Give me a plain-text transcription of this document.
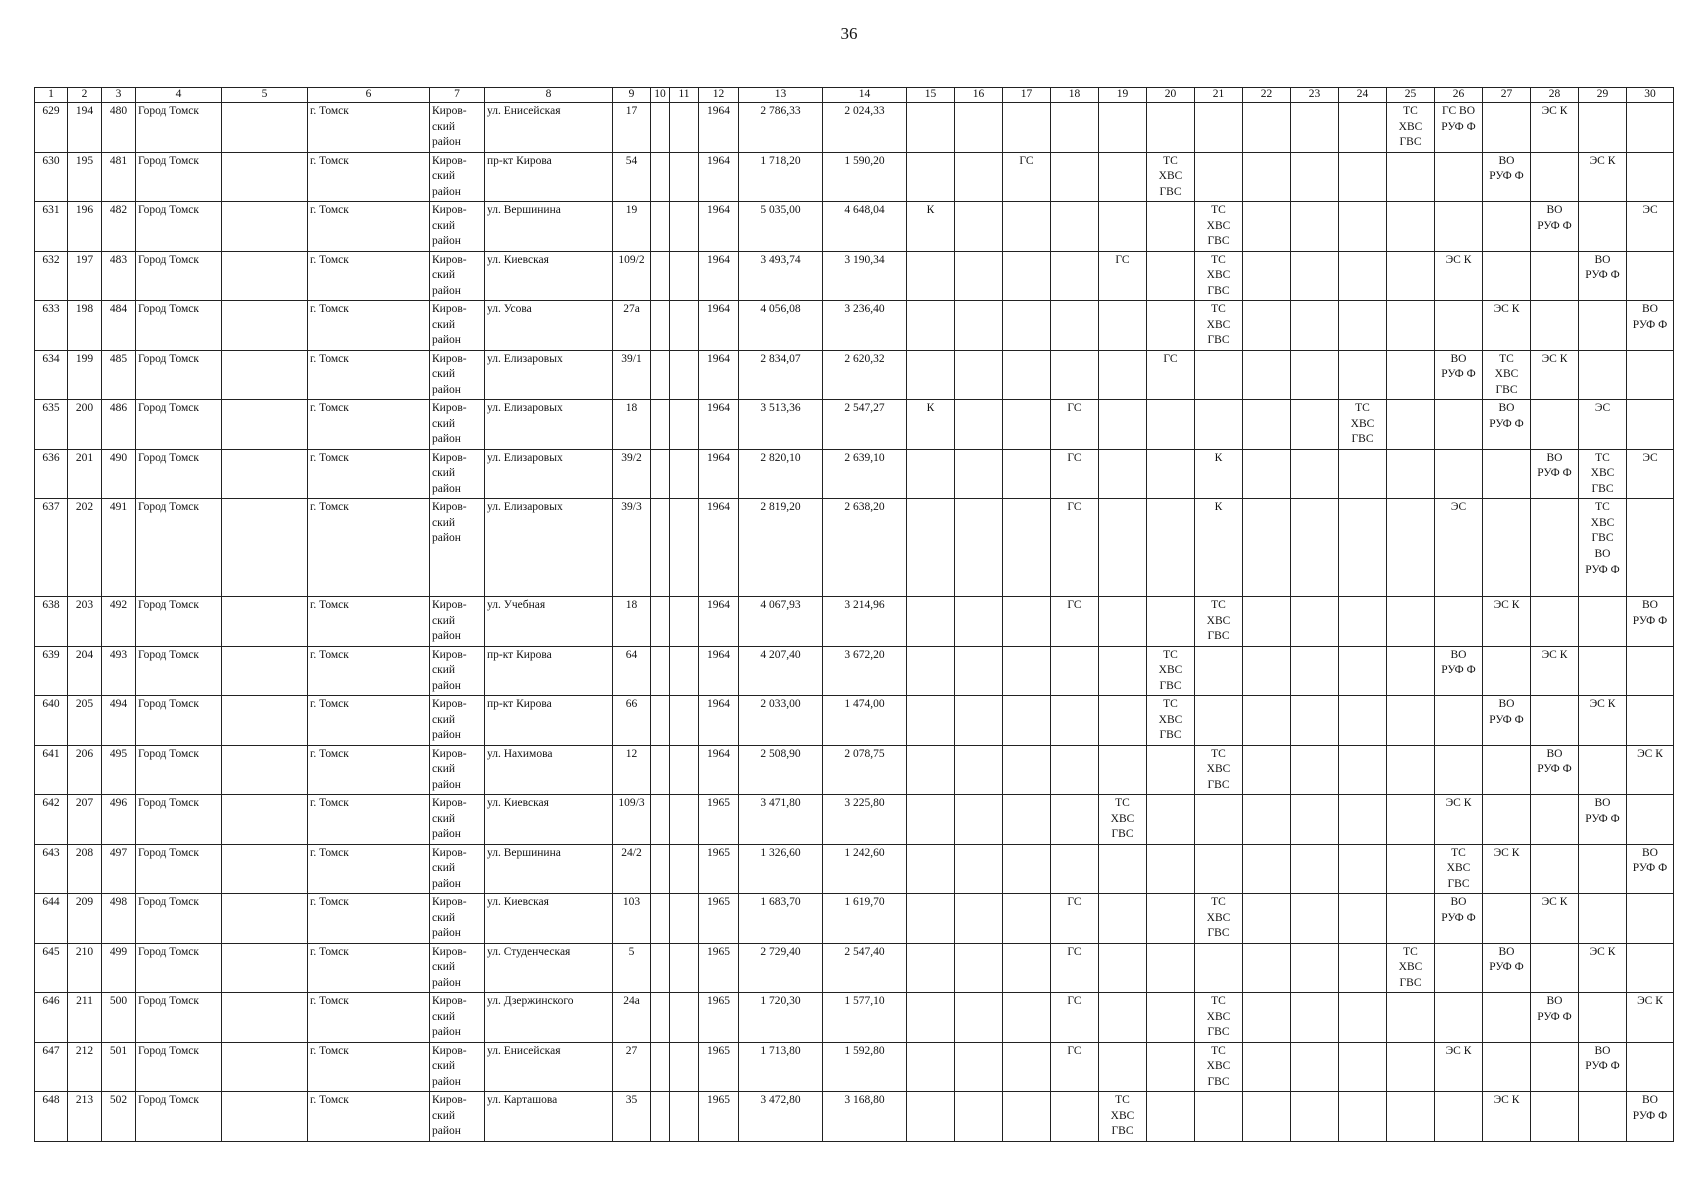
36
1	2	3	4	5	6	7	8	9	10	11	12	13	14	15	16	17	18	19	20	21	22	23	24	25	26	27	28	29	30
629	194	480	Город Томск		г. Томск	Киров-
ский
район	ул. Енисейская	17			1964	2 786,33	2 024,33											ТС
ХВС
ГВС	ГС ВО
РУФ Ф		ЭС К		
630	195	481	Город Томск		г. Томск	Киров-
ский
район	пр-кт Кирова	54			1964	1 718,20	1 590,20			ГС			ТС
ХВС
ГВС							ВО
РУФ Ф		ЭС К	
631	196	482	Город Томск		г. Томск	Киров-
ский
район	ул. Вершинина	19			1964	5 035,00	4 648,04	К						ТС
ХВС
ГВС							ВО
РУФ Ф		ЭС
632	197	483	Город Томск		г. Томск	Киров-
ский
район	ул. Киевская	109/2			1964	3 493,74	3 190,34					ГС		ТС
ХВС
ГВС					ЭС К			ВО
РУФ Ф	
633	198	484	Город Томск		г. Томск	Киров-
ский
район	ул. Усова	27а			1964	4 056,08	3 236,40							ТС
ХВС
ГВС						ЭС К			ВО
РУФ Ф
634	199	485	Город Томск		г. Томск	Киров-
ский
район	ул. Елизаровых	39/1			1964	2 834,07	2 620,32						ГС						ВО
РУФ Ф	ТС
ХВС
ГВС	ЭС К		
635	200	486	Город Томск		г. Томск	Киров-
ский
район	ул. Елизаровых	18			1964	3 513,36	2 547,27	К			ГС						ТС
ХВС
ГВС			ВО
РУФ Ф		ЭС	
636	201	490	Город Томск		г. Томск	Киров-
ский
район	ул. Елизаровых	39/2			1964	2 820,10	2 639,10				ГС			К							ВО
РУФ Ф	ТС
ХВС
ГВС	ЭС
637	202	491	Город Томск		г. Томск	Киров-
ский
район	ул. Елизаровых	39/3			1964	2 819,20	2 638,20				ГС			К					ЭС			ТС
ХВС
ГВС
ВО
РУФ Ф	
638	203	492	Город Томск		г. Томск	Киров-
ский
район	ул. Учебная	18			1964	4 067,93	3 214,96				ГС			ТС
ХВС
ГВС						ЭС К			ВО
РУФ Ф
639	204	493	Город Томск		г. Томск	Киров-
ский
район	пр-кт Кирова	64			1964	4 207,40	3 672,20						ТС
ХВС
ГВС						ВО
РУФ Ф		ЭС К		
640	205	494	Город Томск		г. Томск	Киров-
ский
район	пр-кт Кирова	66			1964	2 033,00	1 474,00						ТС
ХВС
ГВС							ВО
РУФ Ф		ЭС К	
641	206	495	Город Томск		г. Томск	Киров-
ский
район	ул. Нахимова	12			1964	2 508,90	2 078,75							ТС
ХВС
ГВС							ВО
РУФ Ф		ЭС К
642	207	496	Город Томск		г. Томск	Киров-
ский
район	ул. Киевская	109/3			1965	3 471,80	3 225,80					ТС
ХВС
ГВС							ЭС К			ВО
РУФ Ф	
643	208	497	Город Томск		г. Томск	Киров-
ский
район	ул. Вершинина	24/2			1965	1 326,60	1 242,60												ТС
ХВС
ГВС	ЭС К			ВО
РУФ Ф
644	209	498	Город Томск		г. Томск	Киров-
ский
район	ул. Киевская	103			1965	1 683,70	1 619,70				ГС			ТС
ХВС
ГВС					ВО
РУФ Ф		ЭС К		
645	210	499	Город Томск		г. Томск	Киров-
ский
район	ул. Студенческая	5			1965	2 729,40	2 547,40				ГС							ТС
ХВС
ГВС		ВО
РУФ Ф		ЭС К	
646	211	500	Город Томск		г. Томск	Киров-
ский
район	ул. Дзержинского	24а			1965	1 720,30	1 577,10				ГС			ТС
ХВС
ГВС							ВО
РУФ Ф		ЭС К
647	212	501	Город Томск		г. Томск	Киров-
ский
район	ул. Енисейская	27			1965	1 713,80	1 592,80				ГС			ТС
ХВС
ГВС					ЭС К			ВО
РУФ Ф	
648	213	502	Город Томск		г. Томск	Киров-
ский
район	ул. Карташова	35			1965	3 472,80	3 168,80					ТС
ХВС
ГВС								ЭС К			ВО
РУФ Ф
